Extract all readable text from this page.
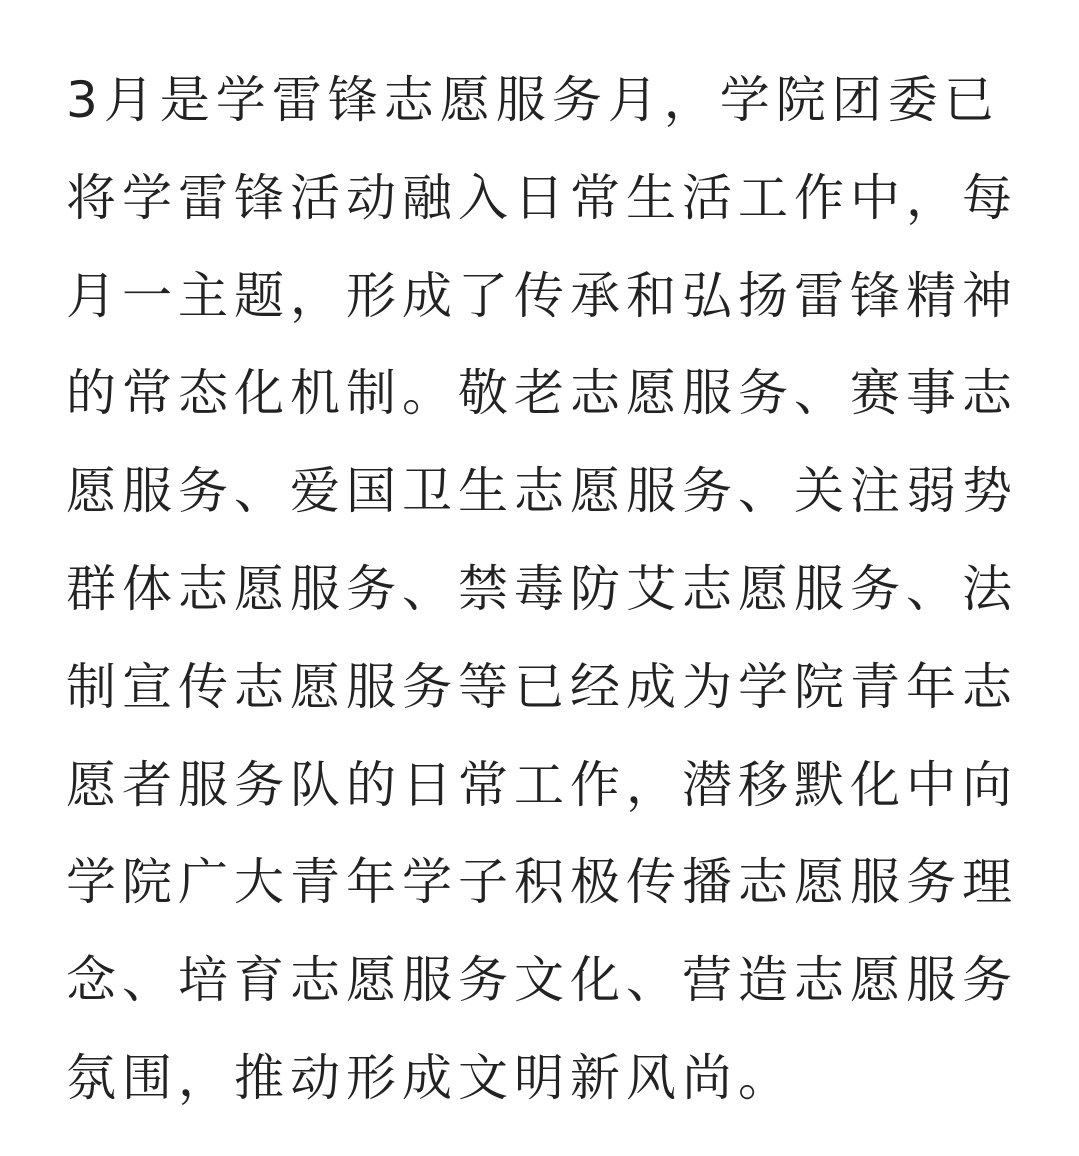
3月是学雷锋志愿服务月，学院团委已
将学雷锋活动融入日常生活工作中，每
月一主题，形成了传承和弘扬雷锋精神
的常态化机制。敬老志愿服务、赛事志
愿服务、爱国卫生志愿服务、关注弱势
群体志愿服务、禁毒防艾志愿服务、法
制宣传志愿服务等已经成为学院青年志
愿者服务队的日常工作，潜移默化中向
学院广大青年学子积极传播志愿服务理
念、培育志愿服务文化、营造志愿服务
氛围，推动形成文明新风尚。
